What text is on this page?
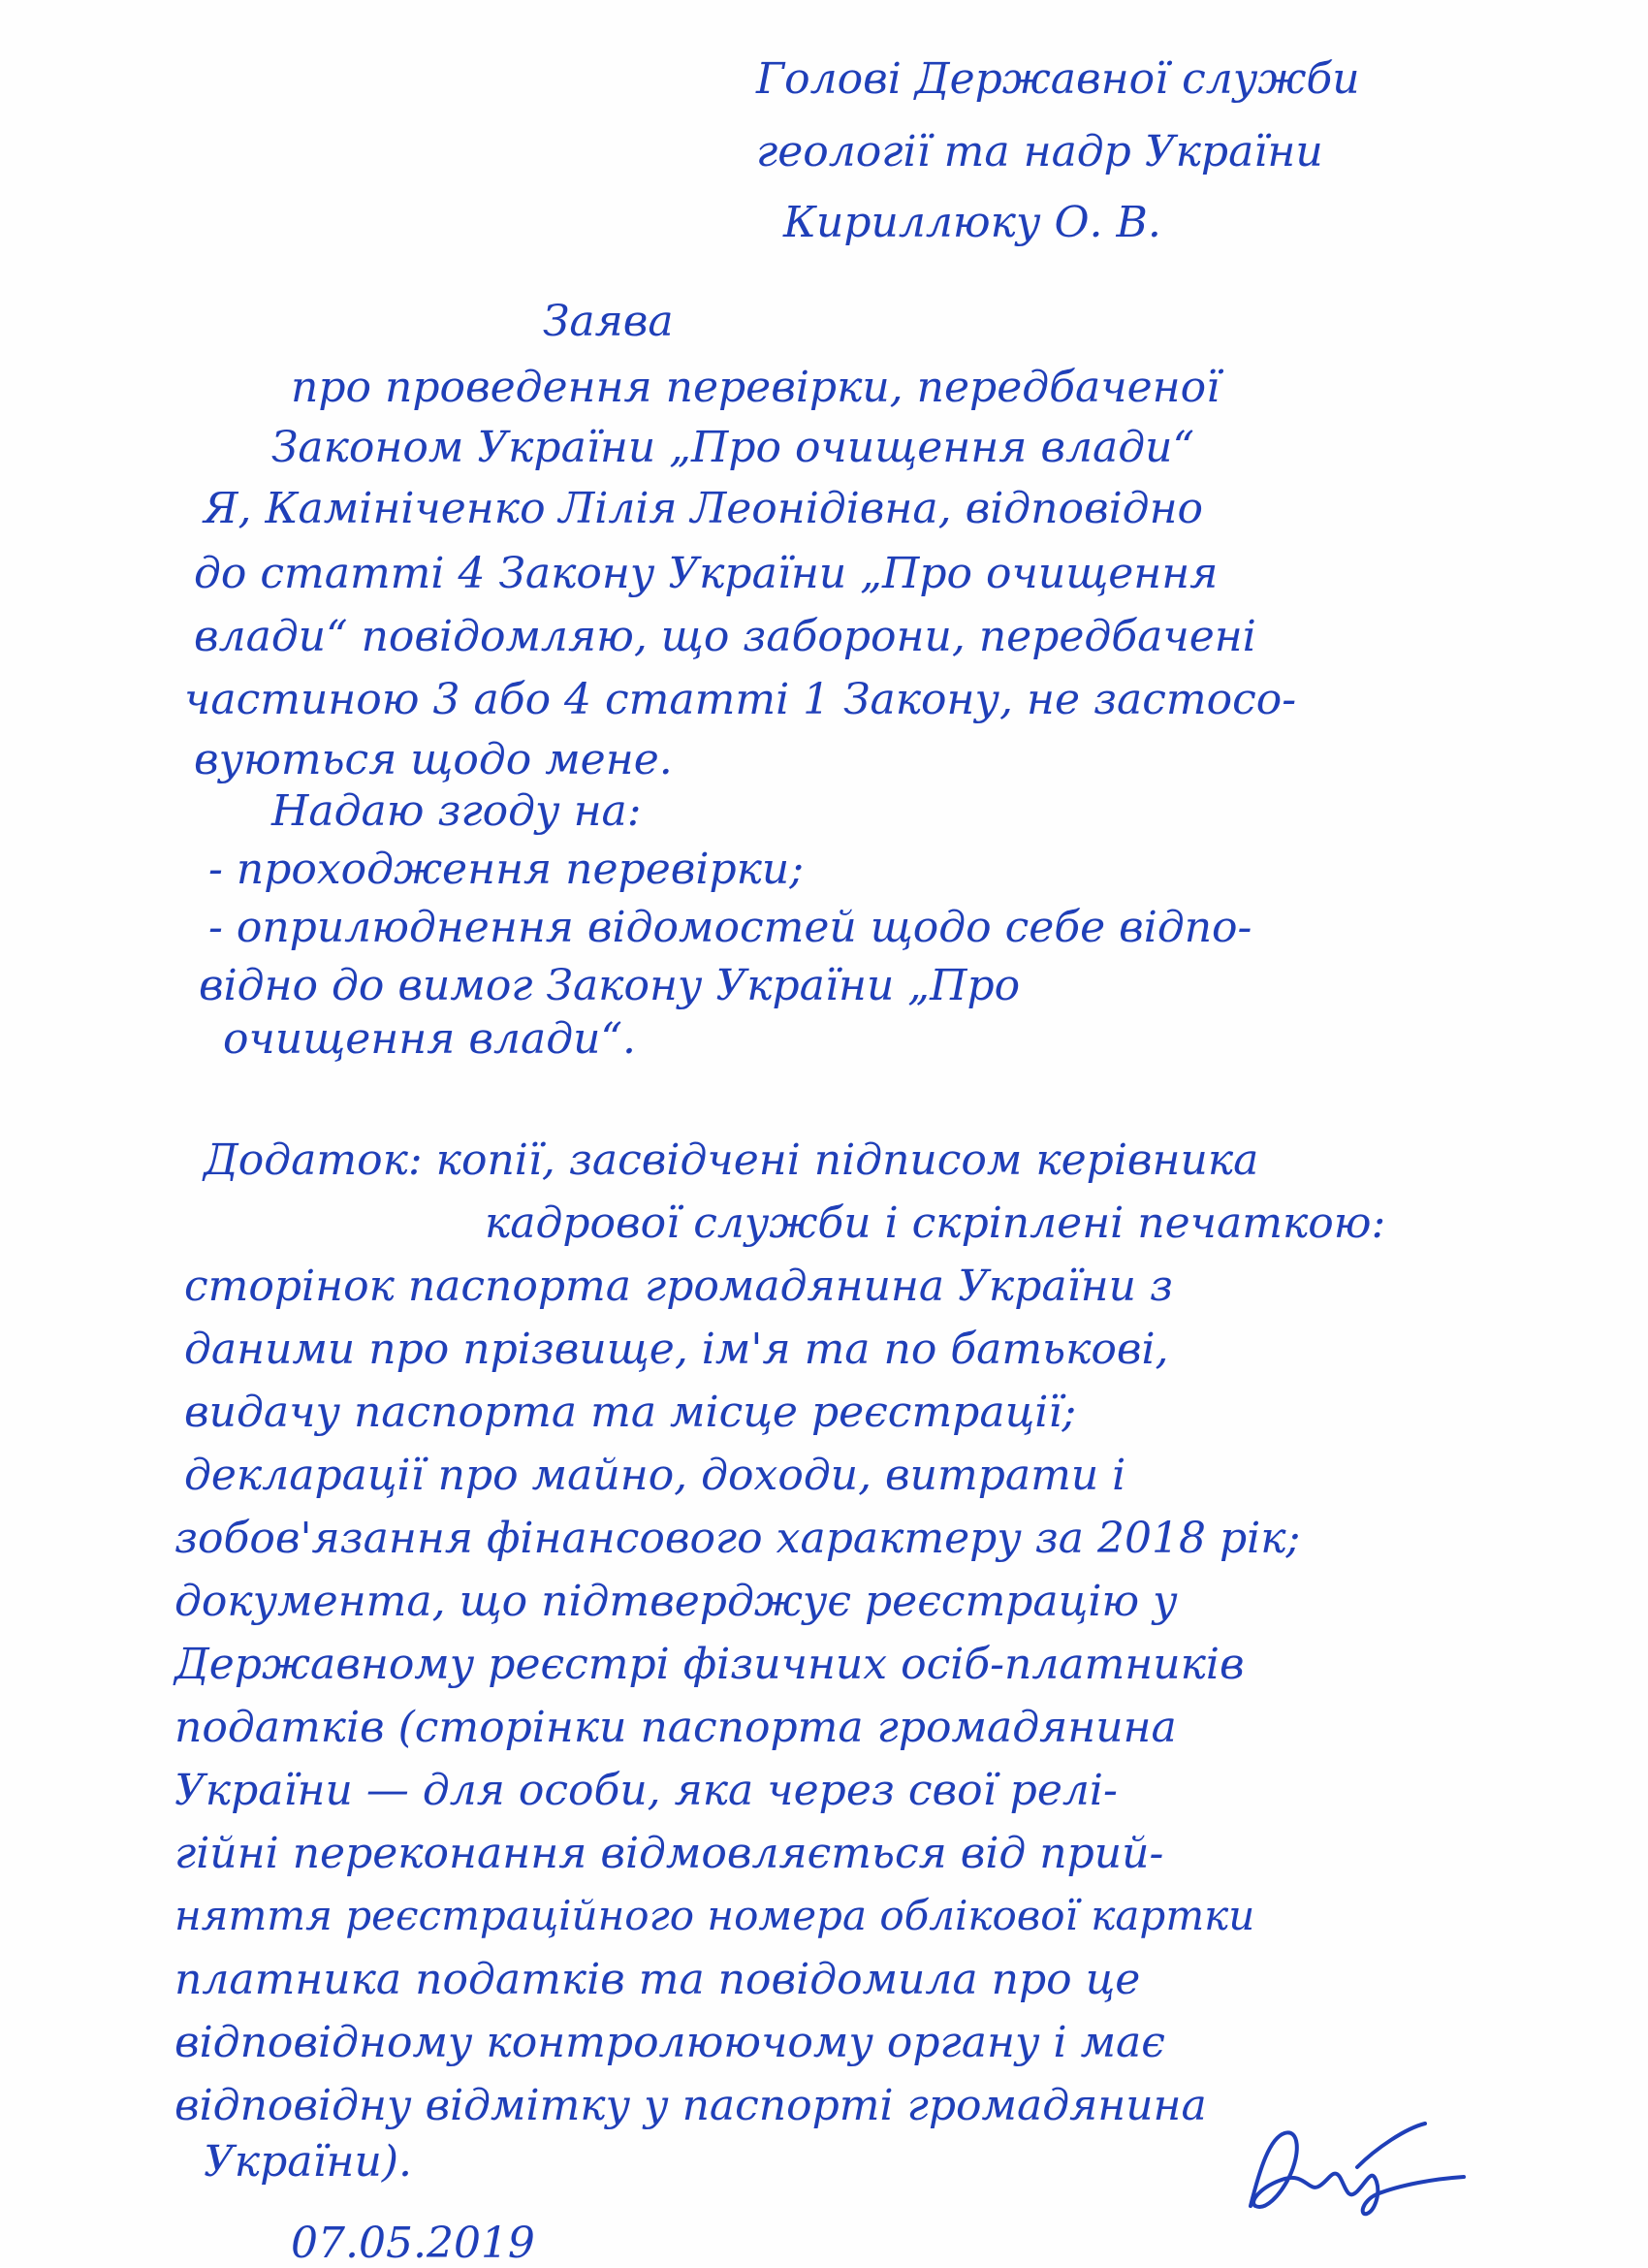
Голові Державної служби
геології та надр України
Кириллюку О. В.
Заява
про проведення перевірки, передбаченої
Законом України „Про очищення влади“
Я, Камініченко Лілія Леонідівна, відповідно
до статті 4 Закону України „Про очищення
влади“ повідомляю, що заборони, передбачені
частиною 3 або 4 статті 1 Закону, не застосо-
вуються щодо мене.
Надаю згоду на:
- проходження перевірки;
- оприлюднення відомостей щодо себе відпо-
відно до вимог Закону України „Про
очищення влади“.
Додаток: копії, засвідчені підписом керівника
кадрової служби і скріплені печаткою:
сторінок паспорта громадянина України з
даними про прізвище, ім'я та по батькові,
видачу паспорта та місце реєстрації;
декларації про майно, доходи, витрати і
зобов'язання фінансового характеру за 2018 рік;
документа, що підтверджує реєстрацію у
Державному реєстрі фізичних осіб-платників
податків (сторінки паспорта громадянина
України — для особи, яка через свої релі-
гійні переконання відмовляється від прий-
няття реєстраційного номера облікової картки
платника податків та повідомила про це
відповідному контролюючому органу і має
відповідну відмітку у паспорті громадянина
України).
07.05.2019
